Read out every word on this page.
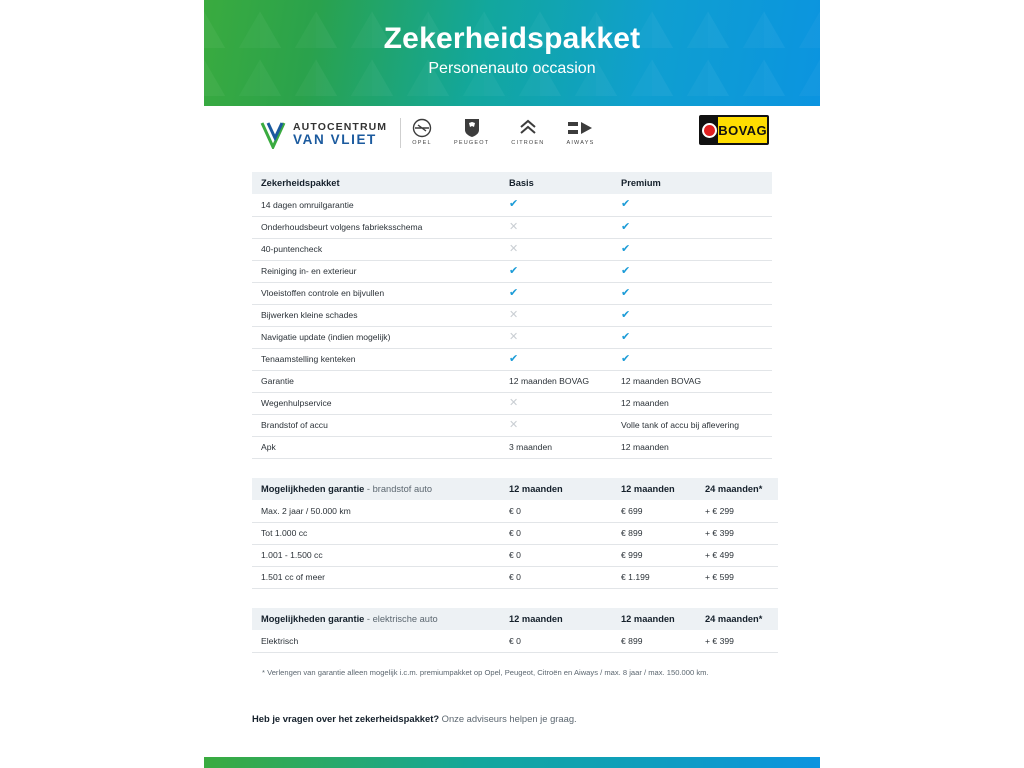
Zekerheidspakket
Personenauto occasion
AUTOCENTRUM
VAN VLIET	OPEL	PEUGEOT	CITROEN	AIWAYS
BOVAG
Zekerheidspakket	Basis	Premium
14 dagen omruilgarantie	✔	✔
Onderhoudsbeurt volgens fabrieksschema	✕	✔
40-puntencheck	✕	✔
Reiniging in- en exterieur	✔	✔
Vloeistoffen controle en bijvullen	✔	✔
Bijwerken kleine schades	✕	✔
Navigatie update (indien mogelijk)	✕	✔
Tenaamstelling kenteken	✔	✔
Garantie	12 maanden BOVAG	12 maanden BOVAG
Wegenhulpservice	✕	12 maanden
Brandstof of accu	✕	Volle tank of accu bij aflevering
Apk	3 maanden	12 maanden

Mogelijkheden garantie - brandstof auto	12 maanden	12 maanden	24 maanden*
Max. 2 jaar / 50.000 km	€ 0	€ 699	+ € 299
Tot 1.000 cc	€ 0	€ 899	+ € 399
1.001 - 1.500 cc	€ 0	€ 999	+ € 499
1.501 cc of meer	€ 0	€ 1.199	+ € 599

Mogelijkheden garantie - elektrische auto	12 maanden	12 maanden	24 maanden*
Elektrisch	€ 0	€ 899	+ € 399
* Verlengen van garantie alleen mogelijk i.c.m. premiumpakket op Opel, Peugeot, Citroën en Aiways / max. 8 jaar / max. 150.000 km.
Heb je vragen over het zekerheidspakket? Onze adviseurs helpen je graag.
